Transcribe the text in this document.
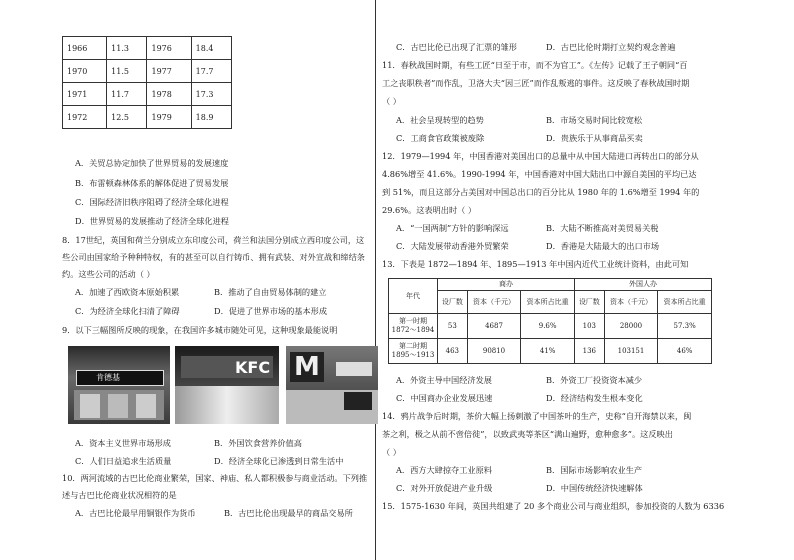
1966	11.3	1976	18.4
1970	11.5	1977	17.7
1971	11.7	1978	17.3
1972	12.5	1979	18.9
A．关贸总协定加快了世界贸易的发展速度
B．布雷顿森林体系的解体促进了贸易发展
C．国际经济旧秩序阻碍了经济全球化进程
D．世界贸易的发展推动了经济全球化进程
8．17世纪，英国和荷兰分别成立东印度公司，荷兰和法国分别成立西印度公司，这
些公司由国家给予种种特权，有的甚至可以自行铸币、拥有武装、对外宣战和缔结条
约。这些公司的活动（ ）
A．加速了西欧资本原始积累	B．推动了自由贸易体制的建立
C．为经济全球化扫清了障碍	D．促进了世界市场的基本形成
9．以下三幅图所反映的现象，在我国许多城市随处可见，这种现象最能说明
肯德基
KFC M
A．资本主义世界市场形成	B．外国饮食营养价值高
C．人们日益追求生活质量	D．经济全球化已渗透到日常生活中
10．两河流域的古巴比伦商业繁荣，国家、神庙、私人都积极参与商业活动。下列推
述与古巴比伦商业状况相符的是
A．古巴比伦最早用铜银作为货币	B．古巴比伦出现最早的商品交易所
C．古巴比伦已出现了汇票的雏形	D．古巴比伦时期打立契约观念普遍
11．春秋战国时期，有些工匠“日至于市，而不为官工”。《左传》记载了王子朝同“百
工之丧职秩者”而作乱，卫洛大夫“因三匠”而作乱叛逃的事件。这反映了春秋战国时期
（ ）
A．社会呈现转型的趋势	B．市场交易时间比较宽松
C．工商食官政策被废除	D．贵族乐于从事商品买卖
12．1979—1994 年，中国香港对美国出口的总量中从中国大陆进口再转出口的部分从
4.86%增至 41.6%。1990-1994 年，中国香港对中国大陆出口中源自美国的平均已达
到 51%，而且这部分占美国对中国总出口的百分比从 1980 年的 1.6%增至 1994 年的
29.6%。这表明出时（ ）
A．“一国两制”方针的影响深远	B．大陆不断推高对美贸易关税
C．大陆发展带动香港外贸繁荣	D．香港是大陆最大的出口市场
13．下表是 1872—1894 年、1895—1913 年中国内近代工业统计资料，由此可知
年代	商办			外国人办		
	设厂数	资本（千元）	资本所占比重	设厂数	资本（千元）	资本所占比重
第一时期 1872～1894	53	4687	9.6%	103	28000	57.3%
第二时期 1895～1913	463	90810	41%	136	103151	46%
A．外资主导中国经济发展	B．外资工厂投资资本减少
C．中国商办企业发展迅速	D．经济结构发生根本变化
14．鸦片战争后时期，茶价大幅上扬刺激了中国茶叶的生产，史称“自开海禁以来，闽
茶之利，极之从前不啻倍徙”，以致武夷等茶区“满山遍野，愈种愈多”。这反映出
（ ）
A．西方大肆掠夺工业原料	B．国际市场影响农业生产
C．对外开放促进产业升级	D．中国传统经济快速解体
15．1575-1630 年间，英国共组建了 20 多个商业公司与商业组织，参加投资的人数为 6336
